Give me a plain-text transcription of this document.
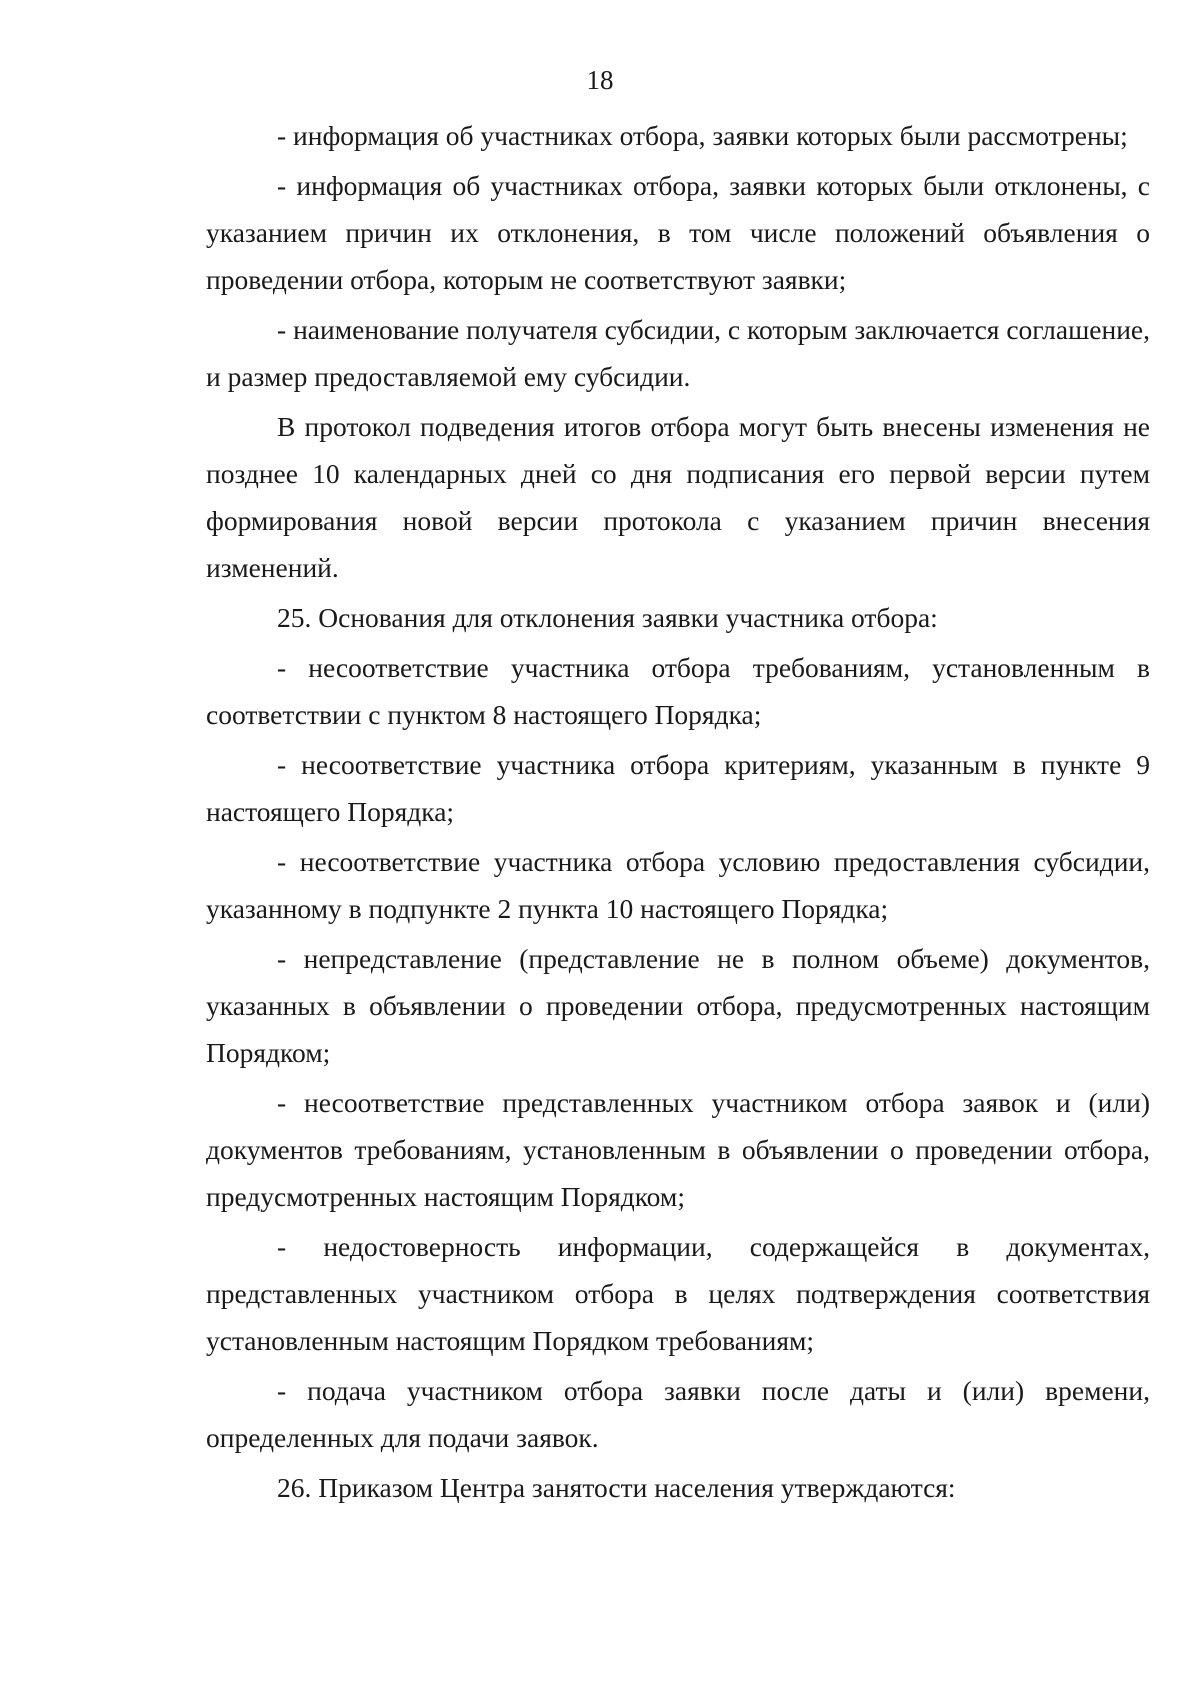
18

- информация об участниках отбора, заявки которых были рассмотрены;

- информация об участниках отбора, заявки которых были отклонены, с указанием причин их отклонения, в том числе положений объявления о проведении отбора, которым не соответствуют заявки;

- наименование получателя субсидии, с которым заключается соглашение, и размер предоставляемой ему субсидии.

В протокол подведения итогов отбора могут быть внесены изменения не позднее 10 календарных дней со дня подписания его первой версии путем формирования новой версии протокола с указанием причин внесения изменений.

25. Основания для отклонения заявки участника отбора:

- несоответствие участника отбора требованиям, установленным в соответствии с пунктом 8 настоящего Порядка;

- несоответствие участника отбора критериям, указанным в пункте 9 настоящего Порядка;

- несоответствие участника отбора условию предоставления субсидии, указанному в подпункте 2 пункта 10 настоящего Порядка;

- непредставление (представление не в полном объеме) документов, указанных в объявлении о проведении отбора, предусмотренных настоящим Порядком;

- несоответствие представленных участником отбора заявок и (или) документов требованиям, установленным в объявлении о проведении отбора, предусмотренных настоящим Порядком;

- недостоверность информации, содержащейся в документах, представленных участником отбора в целях подтверждения соответствия установленным настоящим Порядком требованиям;

- подача участником отбора заявки после даты и (или) времени, определенных для подачи заявок.

26. Приказом Центра занятости населения утверждаются:
